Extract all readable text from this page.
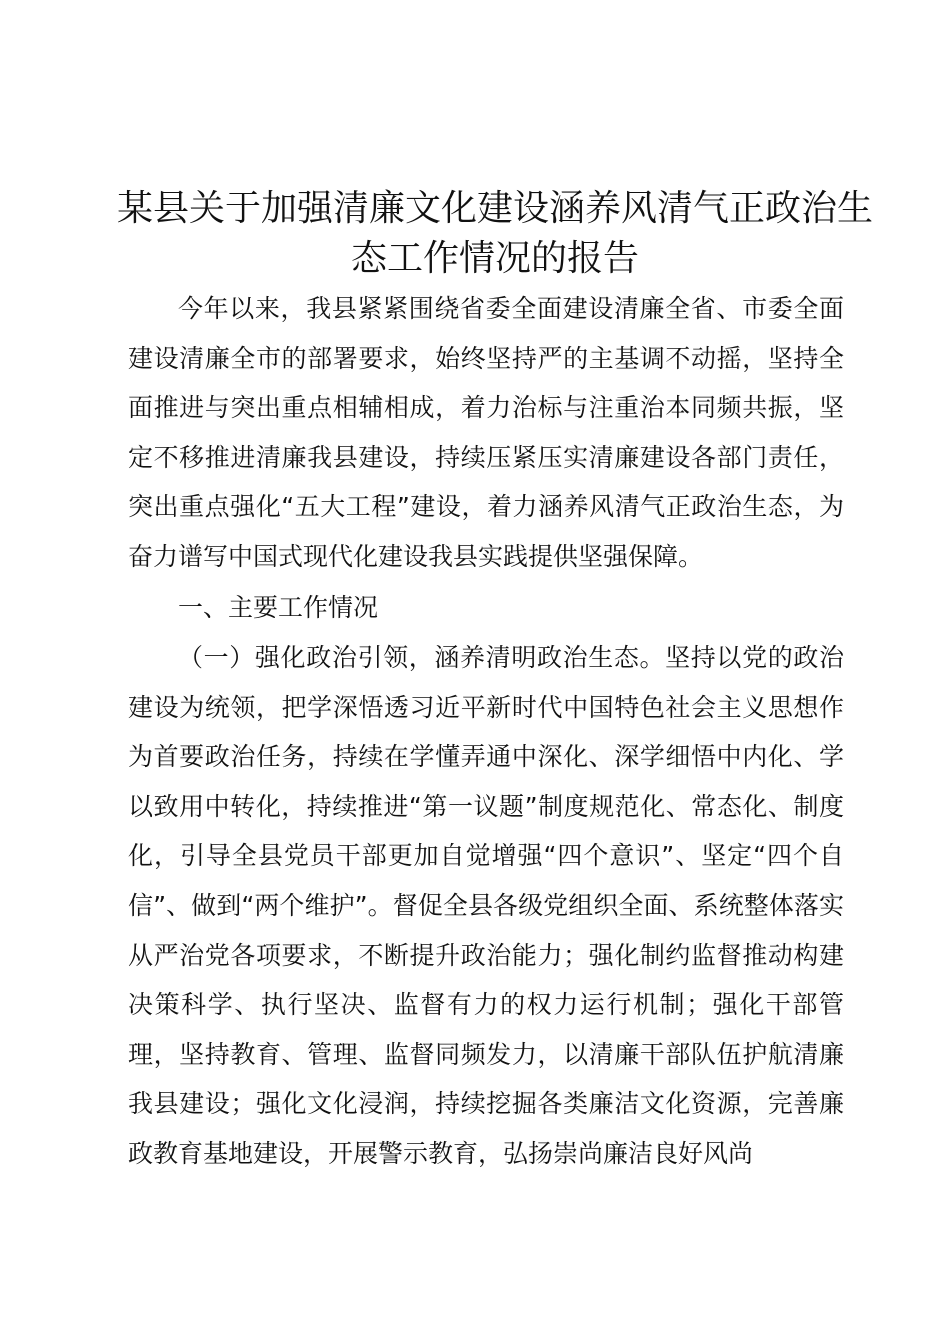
某县关于加强清廉文化建设涵养风清气正政治生态工作情况的报告
今年以来，我县紧紧围绕省委全面建设清廉全省、市委全面建设清廉全市的部署要求，始终坚持严的主基调不动摇，坚持全面推进与突出重点相辅相成，着力治标与注重治本同频共振，坚定不移推进清廉我县建设，持续压紧压实清廉建设各部门责任，突出重点强化“五大工程”建设，着力涵养风清气正政治生态，为奋力谱写中国式现代化建设我县实践提供坚强保障。
一、主要工作情况
（一）强化政治引领，涵养清明政治生态。坚持以党的政治建设为统领，把学深悟透习近平新时代中国特色社会主义思想作为首要政治任务，持续在学懂弄通中深化、深学细悟中内化、学以致用中转化，持续推进“第一议题”制度规范化、常态化、制度化，引导全县党员干部更加自觉增强“四个意识”、坚定“四个自信”、做到“两个维护”。督促全县各级党组织全面、系统整体落实从严治党各项要求，不断提升政治能力；强化制约监督推动构建决策科学、执行坚决、监督有力的权力运行机制；强化干部管理，坚持教育、管理、监督同频发力，以清廉干部队伍护航清廉我县建设；强化文化浸润，持续挖掘各类廉洁文化资源，完善廉政教育基地建设，开展警示教育，弘扬崇尚廉洁良好风尚
